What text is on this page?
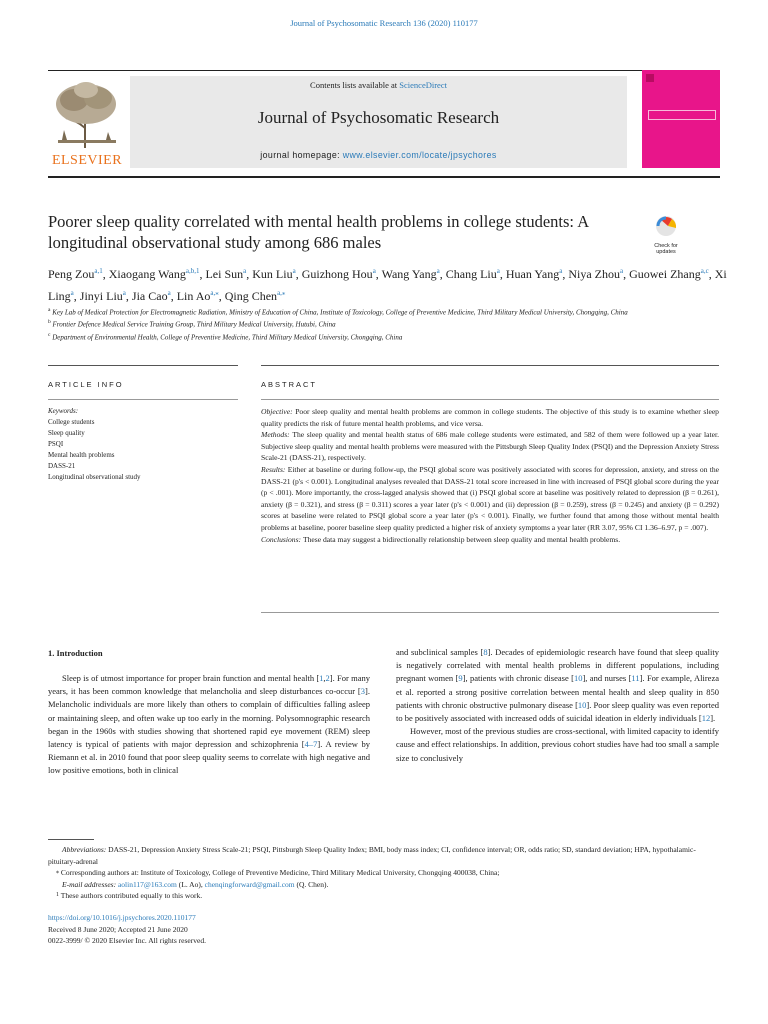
Journal of Psychosomatic Research 136 (2020) 110177
ELSEVIER
Contents lists available at ScienceDirect
Journal of Psychosomatic Research
journal homepage: www.elsevier.com/locate/jpsychores
Poorer sleep quality correlated with mental health problems in college students: A longitudinal observational study among 686 males	Check for
updates
Peng Zou$^{a,1}$, Xiaogang Wang$^{a,b,1}$, Lei Sun$^a$, Kun Liu$^a$, Guizhong Hou$^a$, Wang Yang$^a$, Chang Liu$^a$, Huan Yang$^a$, Niya Zhou$^a$, Guowei Zhang$^{a,c}$, Xi Ling$^a$, Jinyi Liu$^a$, Jia Cao$^a$, Lin $Ao^{a,⁎}$, Qing Chen$^{a,⁎}$
$^a$ Key Lab of Medical Protection for Electromagnetic Radiation, Ministry of Education of China, Institute of Toxicology, College of Preventive Medicine, Third Military Medical University, Chongqing, China
$^b$ Frontier Defence Medical Service Training Group, Third Military Medical University, Hutubi, China
$^c$ Department of Environmental Health, College of Preventive Medicine, Third Military Medical University, Chongqing, China
ARTICLE INFO	ABSTRACT
Keywords:
College students
Sleep quality
PSQI
Mental health problems
DASS-21
Longitudinal observational study
Objective: Poor sleep quality and mental health problems are common in college students. The objective of this study is to examine whether sleep quality predicts the risk of future mental health problems, and vice versa.
Methods: The sleep quality and mental health status of 686 male college students were estimated, and 582 of them were followed up a year later. Subjective sleep quality and mental health problems were measured with the Pittsburgh Sleep Quality Index (PSQI) and the Depression Anxiety Stress Scale-21 (DASS-21), respectively.
Results: Either at baseline or during follow-up, the PSQI global score was positively associated with scores for depression, anxiety, and stress on the DASS-21 (p's < 0.001). Longitudinal analyses revealed that DASS-21 total score increased in line with increased of PSQI global score during the year (p < .001). More importantly, the cross-lagged analysis showed that (i) PSQI global score at baseline was positively related to depression (β = 0.261), anxiety (β = 0.321), and stress (β = 0.311) scores a year later (p's < 0.001) and (ii) depression (β = 0.259), stress (β = 0.245) and anxiety (β = 0.292) scores at baseline were related to PSQI global score a year later (p's < 0.001). Finally, we further found that among those without mental health problems at baseline, poorer baseline sleep quality predicted a higher risk of anxiety symptoms a year later (RR 3.07, 95% CI 1.36–6.97, p = .007).
Conclusions: These data may suggest a bidirectionally relationship between sleep quality and mental health problems.
1. Introduction

Sleep is of utmost importance for proper brain function and mental health [1,2]. For many years, it has been common knowledge that melancholia and sleep disturbances co-occur [3]. Melancholic individuals are more likely than others to complain of difficulties falling asleep or maintaining sleep, and often wake up too early in the morning. Polysomnographic research began in the 1960s with studies showing that shortened rapid eye movement (REM) sleep latency is typical of patients with major depression and schizophrenia [4–7]. A review by Riemann et al. in 2010 found that poor sleep quality seems to correlate with high negative and low positive emotions, both in clinical

and subclinical samples [8]. Decades of epidemiologic research have found that sleep quality is negatively correlated with mental health problems in different populations, including pregnant women [9], patients with chronic disease [10], and nurses [11]. For example, Alireza et al. reported a strong positive correlation between mental health and sleep quality in 850 patients with chronic obstructive pulmonary disease [10]. Poor sleep quality was even reported to be positively associated with increased odds of suicidal ideation in elderly individuals [12].

However, most of the previous studies are cross-sectional, with limited capacity to identify cause and effect relationships. In addition, previous cohort studies have had too small a sample size to conclusively

Abbreviations: DASS-21, Depression Anxiety Stress Scale-21; PSQI, Pittsburgh Sleep Quality Index; BMI, body mass index; CI, confidence interval; OR, odds ratio; SD, standard deviation; HPA, hypothalamic-pituitary-adrenal
⁎ Corresponding authors at: Institute of Toxicology, College of Preventive Medicine, Third Military Medical University, Chongqing 400038, China;
E-mail addresses: aolin117@163.com (L. Ao), chenqingforward@gmail.com (Q. Chen).
$^1$ These authors contributed equally to this work.
https://doi.org/10.1016/j.jpsychores.2020.110177
Received 8 June 2020; Accepted 21 June 2020
0022-3999/ © 2020 Elsevier Inc. All rights reserved.
